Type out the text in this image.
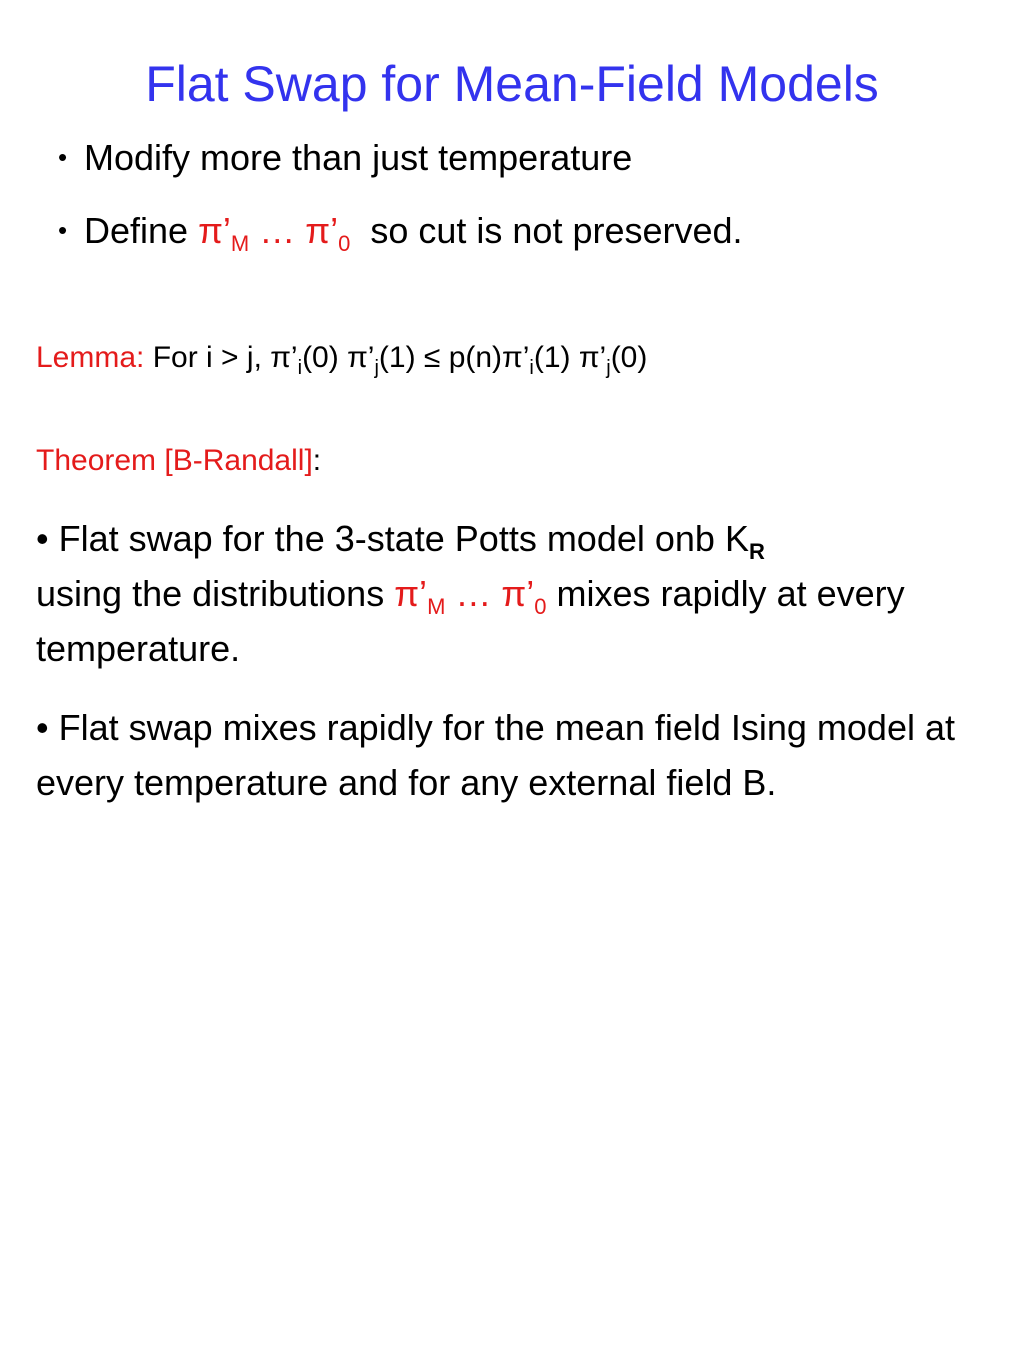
Flat Swap for Mean-Field Models
• Modify more than just temperature
• Define $\pi’_M$ … $\pi’_0$  so cut is not preserved.
Lemma: For i > j, $\pi’_i(0)$ $\pi’_j(1)$ ≤ $p(n)\pi’_i(1)$ $\pi’_j(0)$
Theorem [B-Randall]:
• Flat swap for the 3-state Potts model onb $K_R$
using the distributions $\pi’_M$ … $\pi’_0$ mixes rapidly at every temperature.
• Flat swap mixes rapidly for the mean field Ising model at every temperature and for any external field B.
